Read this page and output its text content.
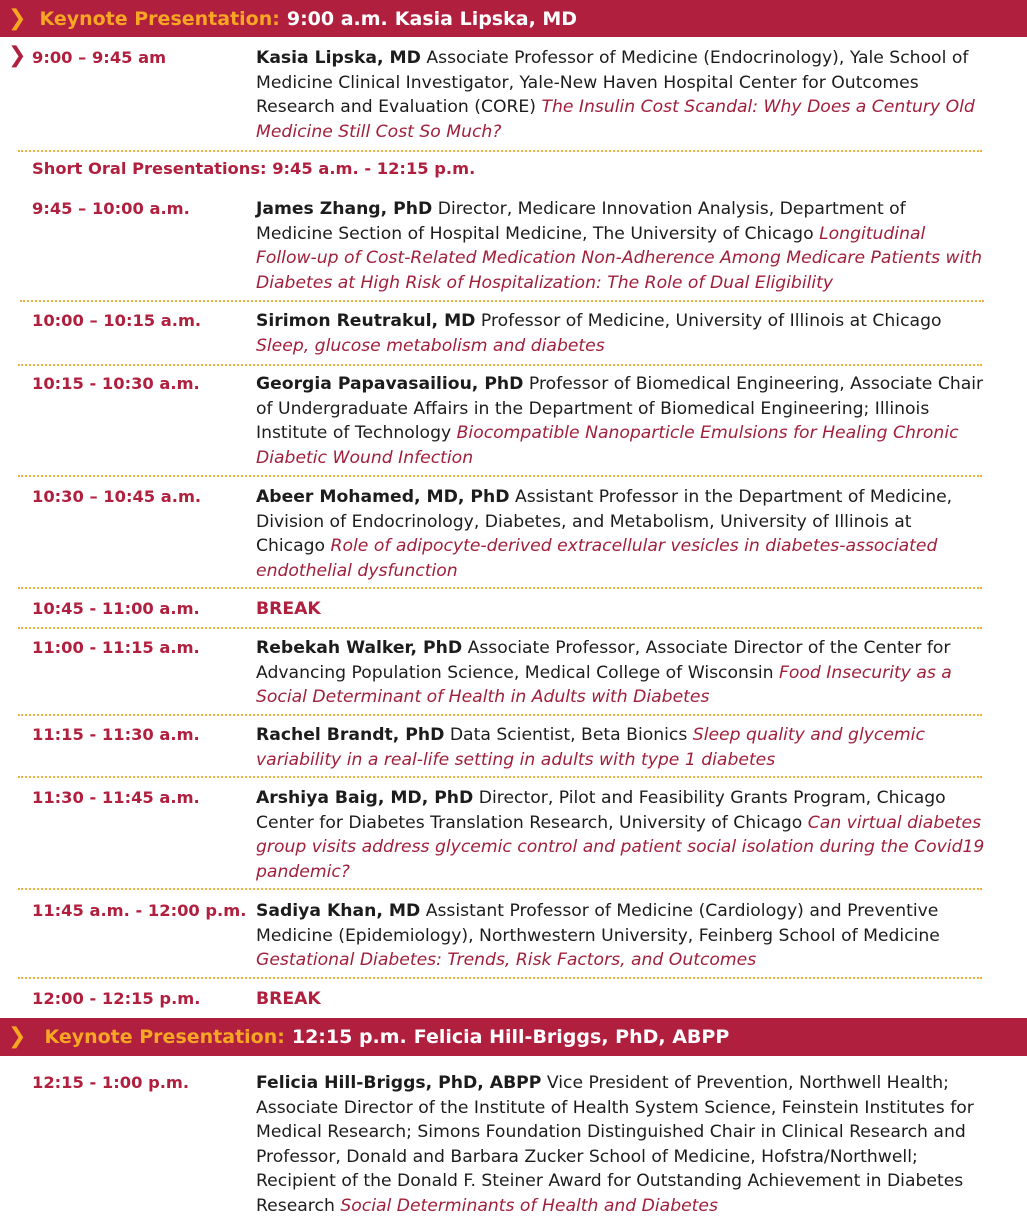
❯ Keynote Presentation: 9:00 a.m. Kasia Lipska, MD
❯ 9:00 – 9:45 am	Kasia Lipska, MD Associate Professor of Medicine (Endocrinology), Yale School of Medicine Clinical Investigator, Yale-New Haven Hospital Center for Outcomes Research and Evaluation (CORE) The Insulin Cost Scandal: Why Does a Century Old Medicine Still Cost So Much?
Short Oral Presentations: 9:45 a.m. - 12:15 p.m.
9:45 – 10:00 a.m.	James Zhang, PhD Director, Medicare Innovation Analysis, Department of Medicine Section of Hospital Medicine, The University of Chicago Longitudinal Follow-up of Cost-Related Medication Non-Adherence Among Medicare Patients with Diabetes at High Risk of Hospitalization: The Role of Dual Eligibility
10:00 – 10:15 a.m.	Sirimon Reutrakul, MD Professor of Medicine, University of Illinois at Chicago Sleep, glucose metabolism and diabetes
10:15 - 10:30 a.m.	Georgia Papavasailiou, PhD Professor of Biomedical Engineering, Associate Chair of Undergraduate Affairs in the Department of Biomedical Engineering; Illinois Institute of Technology Biocompatible Nanoparticle Emulsions for Healing Chronic Diabetic Wound Infection
10:30 – 10:45 a.m.	Abeer Mohamed, MD, PhD Assistant Professor in the Department of Medicine, Division of Endocrinology, Diabetes, and Metabolism, University of Illinois at Chicago Role of adipocyte-derived extracellular vesicles in diabetes-associated endothelial dysfunction
10:45 - 11:00 a.m.	BREAK
11:00 - 11:15 a.m.	Rebekah Walker, PhD Associate Professor, Associate Director of the Center for Advancing Population Science, Medical College of Wisconsin Food Insecurity as a Social Determinant of Health in Adults with Diabetes
11:15 - 11:30 a.m.	Rachel Brandt, PhD Data Scientist, Beta Bionics Sleep quality and glycemic variability in a real-life setting in adults with type 1 diabetes
11:30 - 11:45 a.m.	Arshiya Baig, MD, PhD Director, Pilot and Feasibility Grants Program, Chicago Center for Diabetes Translation Research, University of Chicago Can virtual diabetes group visits address glycemic control and patient social isolation during the Covid19 pandemic?
11:45 a.m. - 12:00 p.m. Sadiya Khan, MD Assistant Professor of Medicine (Cardiology) and Preventive Medicine (Epidemiology), Northwestern University, Feinberg School of Medicine Gestational Diabetes: Trends, Risk Factors, and Outcomes
12:00 - 12:15 p.m.	BREAK
❯ Keynote Presentation: 12:15 p.m. Felicia Hill-Briggs, PhD, ABPP
12:15 - 1:00 p.m.	Felicia Hill-Briggs, PhD, ABPP Vice President of Prevention, Northwell Health; Associate Director of the Institute of Health System Science, Feinstein Institutes for Medical Research; Simons Foundation Distinguished Chair in Clinical Research and Professor, Donald and Barbara Zucker School of Medicine, Hofstra/Northwell; Recipient of the Donald F. Steiner Award for Outstanding Achievement in Diabetes Research Social Determinants of Health and Diabetes
